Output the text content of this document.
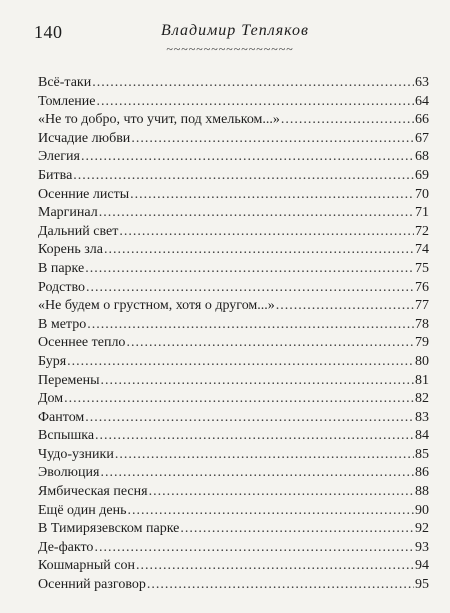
140	Владимир Тепляков
~~~~~~~~~~~~~~~~~
Всё-таки .....	63
Томление .....	64
«Не то добро, что учит, под хмельком...» .....	66
Исчадие любви .....	67
Элегия .....	68
Битва .....	69
Осенние листы .....	70
Маргинал .....	71
Дальний свет .....	72
Корень зла .....	74
В парке .....	75
Родство .....	76
«Не будем о грустном, хотя о другом...» .....	77
В метро .....	78
Осеннее тепло .....	79
Буря .....	80
Перемены .....	81
Дом .....	82
Фантом .....	83
Вспышка .....	84
Чудо-узники .....	85
Эволюция .....	86
Ямбическая песня .....	88
Ещё один день .....	90
В Тимирязевском парке .....	92
Де-факто .....	93
Кошмарный сон .....	94
Осенний разговор .....	95
